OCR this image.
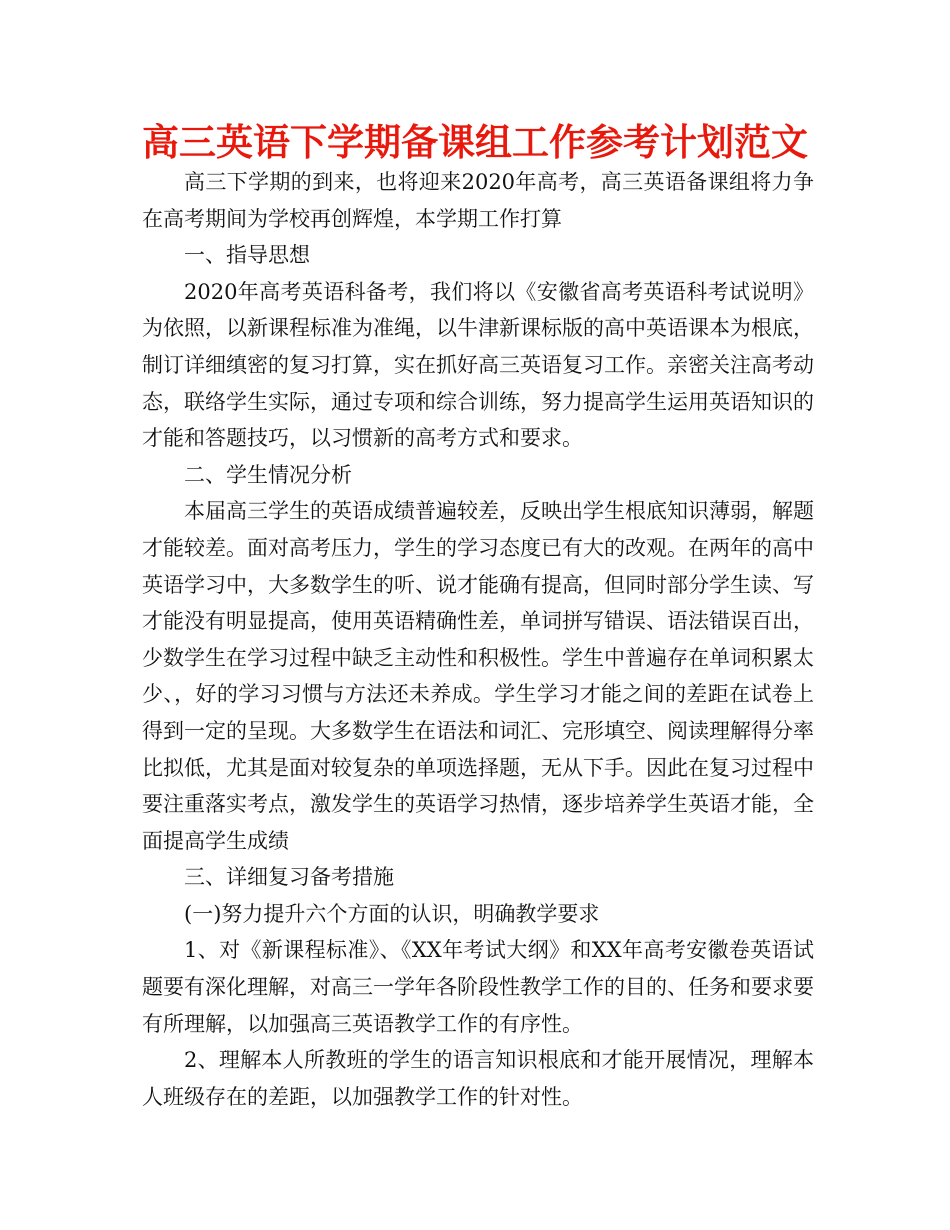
高三英语下学期备课组工作参考计划范文

高三下学期的到来，也将迎来2020年高考，高三英语备课组将力争在高考期间为学校再创辉煌，本学期工作打算

一、指导思想

2020年高考英语科备考，我们将以《安徽省高考英语科考试说明》为依照，以新课程标准为准绳，以牛津新课标版的高中英语课本为根底，制订详细缜密的复习打算，实在抓好高三英语复习工作。亲密关注高考动态，联络学生实际，通过专项和综合训练，努力提高学生运用英语知识的才能和答题技巧，以习惯新的高考方式和要求。

二、学生情况分析

本届高三学生的英语成绩普遍较差，反映出学生根底知识薄弱，解题才能较差。面对高考压力，学生的学习态度已有大的改观。在两年的高中英语学习中，大多数学生的听、说才能确有提高，但同时部分学生读、写才能没有明显提高，使用英语精确性差，单词拼写错误、语法错误百出，少数学生在学习过程中缺乏主动性和积极性。学生中普遍存在单词积累太少、，好的学习习惯与方法还未养成。学生学习才能之间的差距在试卷上得到一定的呈现。大多数学生在语法和词汇、完形填空、阅读理解得分率比拟低，尤其是面对较复杂的单项选择题，无从下手。因此在复习过程中要注重落实考点，激发学生的英语学习热情，逐步培养学生英语才能，全面提高学生成绩

三、详细复习备考措施

(一)努力提升六个方面的认识，明确教学要求

1、对《新课程标准》、《XX年考试大纲》和XX年高考安徽卷英语试题要有深化理解，对高三一学年各阶段性教学工作的目的、任务和要求要有所理解，以加强高三英语教学工作的有序性。

2、理解本人所教班的学生的语言知识根底和才能开展情况，理解本人班级存在的差距，以加强教学工作的针对性。
